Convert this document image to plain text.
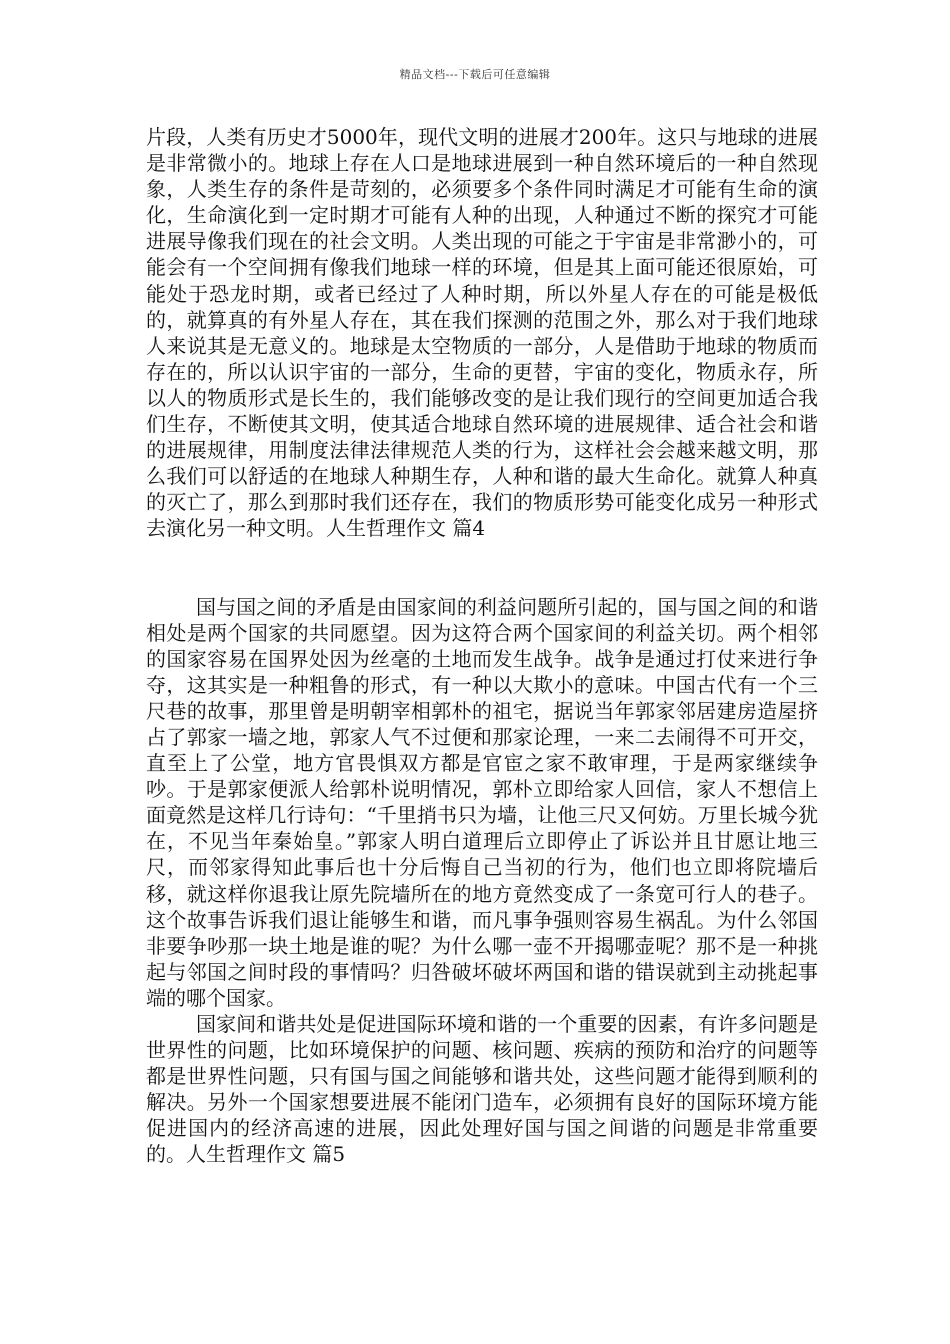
精品文档---下载后可任意编辑

片段，人类有历史才5000年，现代文明的进展才200年。这只与地球的进展是非常微小的。地球上存在人口是地球进展到一种自然环境后的一种自然现象，人类生存的条件是苛刻的，必须要多个条件同时满足才可能有生命的演化，生命演化到一定时期才可能有人种的出现，人种通过不断的探究才可能进展导像我们现在的社会文明。人类出现的可能之于宇宙是非常渺小的，可能会有一个空间拥有像我们地球一样的环境，但是其上面可能还很原始，可能处于恐龙时期，或者已经过了人种时期，所以外星人存在的可能是极低的，就算真的有外星人存在，其在我们探测的范围之外，那么对于我们地球人来说其是无意义的。地球是太空物质的一部分，人是借助于地球的物质而存在的，所以认识宇宙的一部分，生命的更替，宇宙的变化，物质永存，所以人的物质形式是长生的，我们能够改变的是让我们现行的空间更加适合我们生存，不断使其文明，使其适合地球自然环境的进展规律、适合社会和谐的进展规律，用制度法律法律规范人类的行为，这样社会会越来越文明，那么我们可以舒适的在地球人种期生存，人种和谐的最大生命化。就算人种真的灭亡了，那么到那时我们还存在，我们的物质形势可能变化成另一种形式去演化另一种文明。人生哲理作文 篇4

国与国之间的矛盾是由国家间的利益问题所引起的，国与国之间的和谐相处是两个国家的共同愿望。因为这符合两个国家间的利益关切。两个相邻的国家容易在国界处因为丝毫的土地而发生战争。战争是通过打仗来进行争夺，这其实是一种粗鲁的形式，有一种以大欺小的意味。中国古代有一个三尺巷的故事，那里曾是明朝宰相郭朴的祖宅，据说当年郭家邻居建房造屋挤占了郭家一墙之地，郭家人气不过便和那家论理，一来二去闹得不可开交，直至上了公堂，地方官畏惧双方都是官宦之家不敢审理，于是两家继续争吵。于是郭家便派人给郭朴说明情况，郭朴立即给家人回信，家人不想信上面竟然是这样几行诗句：“千里捎书只为墙，让他三尺又何妨。万里长城今犹在，不见当年秦始皇。”郭家人明白道理后立即停止了诉讼并且甘愿让地三尺，而邻家得知此事后也十分后悔自己当初的行为，他们也立即将院墙后移，就这样你退我让原先院墙所在的地方竟然变成了一条宽可行人的巷子。这个故事告诉我们退让能够生和谐，而凡事争强则容易生祸乱。为什么邻国非要争吵那一块土地是谁的呢？为什么哪一壶不开揭哪壶呢？那不是一种挑起与邻国之间时段的事情吗？归咎破坏破坏两国和谐的错误就到主动挑起事端的哪个国家。

国家间和谐共处是促进国际环境和谐的一个重要的因素，有许多问题是世界性的问题，比如环境保护的问题、核问题、疾病的预防和治疗的问题等都是世界性问题，只有国与国之间能够和谐共处，这些问题才能得到顺利的解决。另外一个国家想要进展不能闭门造车，必须拥有良好的国际环境方能促进国内的经济高速的进展，因此处理好国与国之间谐的问题是非常重要的。人生哲理作文 篇5
